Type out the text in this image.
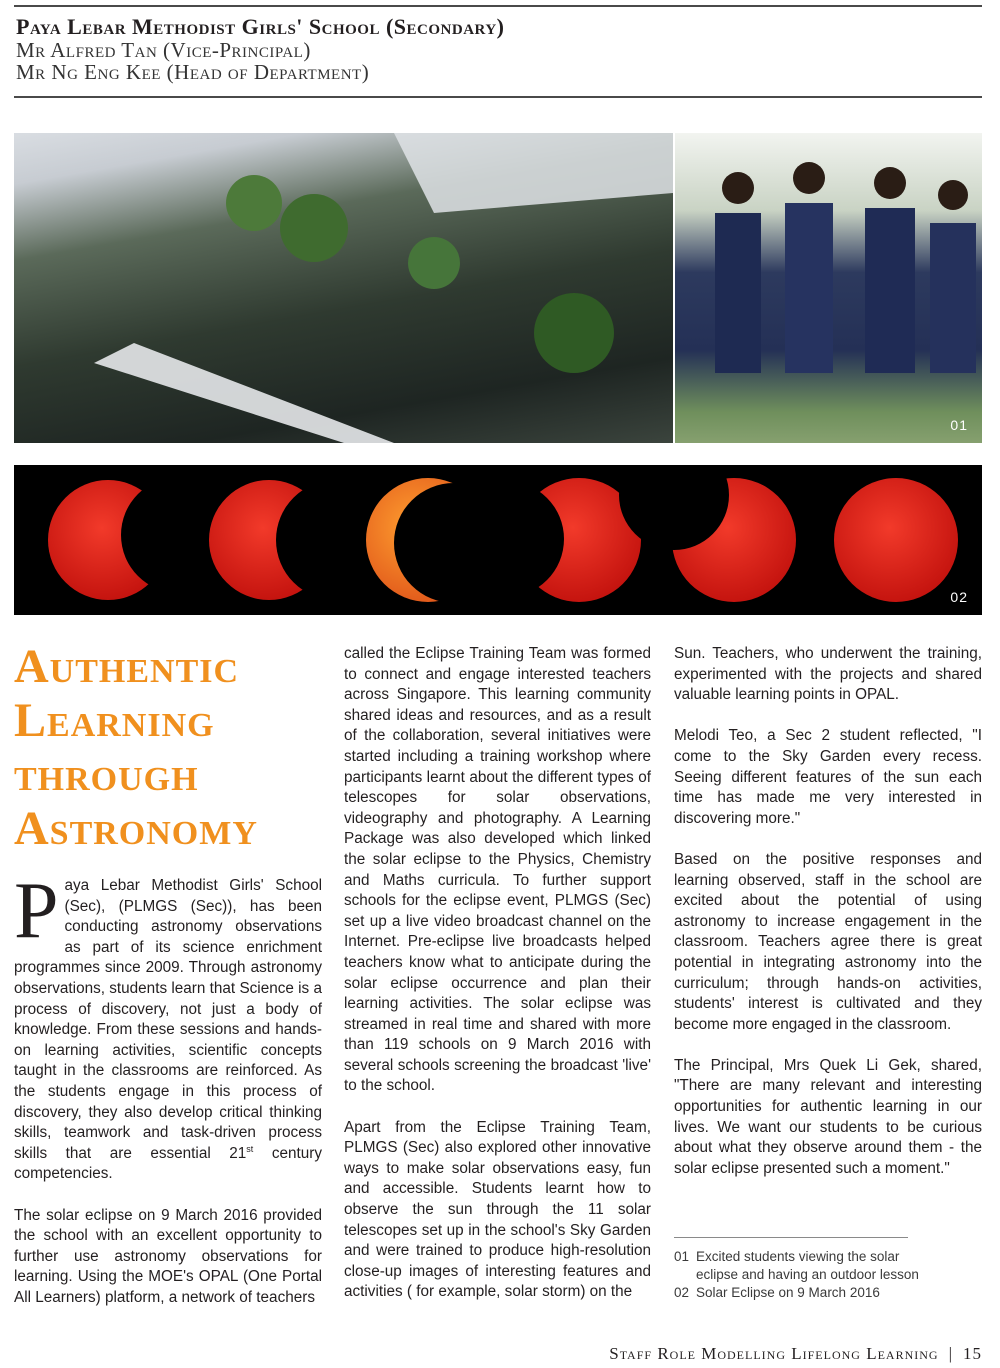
Paya Lebar Methodist Girls' School (Secondary)
Mr Alfred Tan (Vice-Principal)
Mr Ng Eng Kee (Head of Department)
01
02
Authentic
Learning
through
Astronomy

Paya Lebar Methodist Girls' School (Sec), (PLMGS (Sec)), has been conducting astronomy observations as part of its science enrichment programmes since 2009. Through astronomy observations, students learn that Science is a process of discovery, not just a body of knowledge. From these sessions and hands-on learning activities, scientific concepts taught in the classrooms are reinforced. As the students engage in this process of discovery, they also develop critical thinking skills, teamwork and task-driven process skills that are essential 21st century competencies.

The solar eclipse on 9 March 2016 provided the school with an excellent opportunity to further use astronomy observations for learning. Using the MOE's OPAL (One Portal All Learners) platform, a network of teachers

called the Eclipse Training Team was formed to connect and engage interested teachers across Singapore. This learning community shared ideas and resources, and as a result of the collaboration, several initiatives were started including a training workshop where participants learnt about the different types of telescopes for solar observations, videography and photography. A Learning Package was also developed which linked the solar eclipse to the Physics, Chemistry and Maths curricula. To further support schools for the eclipse event, PLMGS (Sec) set up a live video broadcast channel on the Internet. Pre-eclipse live broadcasts helped teachers know what to anticipate during the solar eclipse occurrence and plan their learning activities. The solar eclipse was streamed in real time and shared with more than 119 schools on 9 March 2016 with several schools screening the broadcast 'live' to the school.

Apart from the Eclipse Training Team, PLMGS (Sec) also explored other innovative ways to make solar observations easy, fun and accessible. Students learnt how to observe the sun through the 11 solar telescopes set up in the school's Sky Garden and were trained to produce high-resolution close-up images of interesting features and activities ( for example, solar storm) on the

Sun. Teachers, who underwent the training, experimented with the projects and shared valuable learning points in OPAL.

Melodi Teo, a Sec 2 student reflected, "I come to the Sky Garden every recess. Seeing different features of the sun each time has made me very interested in discovering more."

Based on the positive responses and learning observed, staff in the school are excited about the potential of using astronomy to increase engagement in the classroom. Teachers agree there is great potential in integrating astronomy into the curriculum; through hands-on activities, students' interest is cultivated and they become more engaged in the classroom.

The Principal, Mrs Quek Li Gek, shared, "There are many relevant and interesting opportunities for authentic learning in our lives. We want our students to be curious about what they observe around them - the solar eclipse presented such a moment."

01 Excited students viewing the solar
eclipse and having an outdoor lesson
02 Solar Eclipse on 9 March 2016
Staff Role Modelling Lifelong Learning | 15
